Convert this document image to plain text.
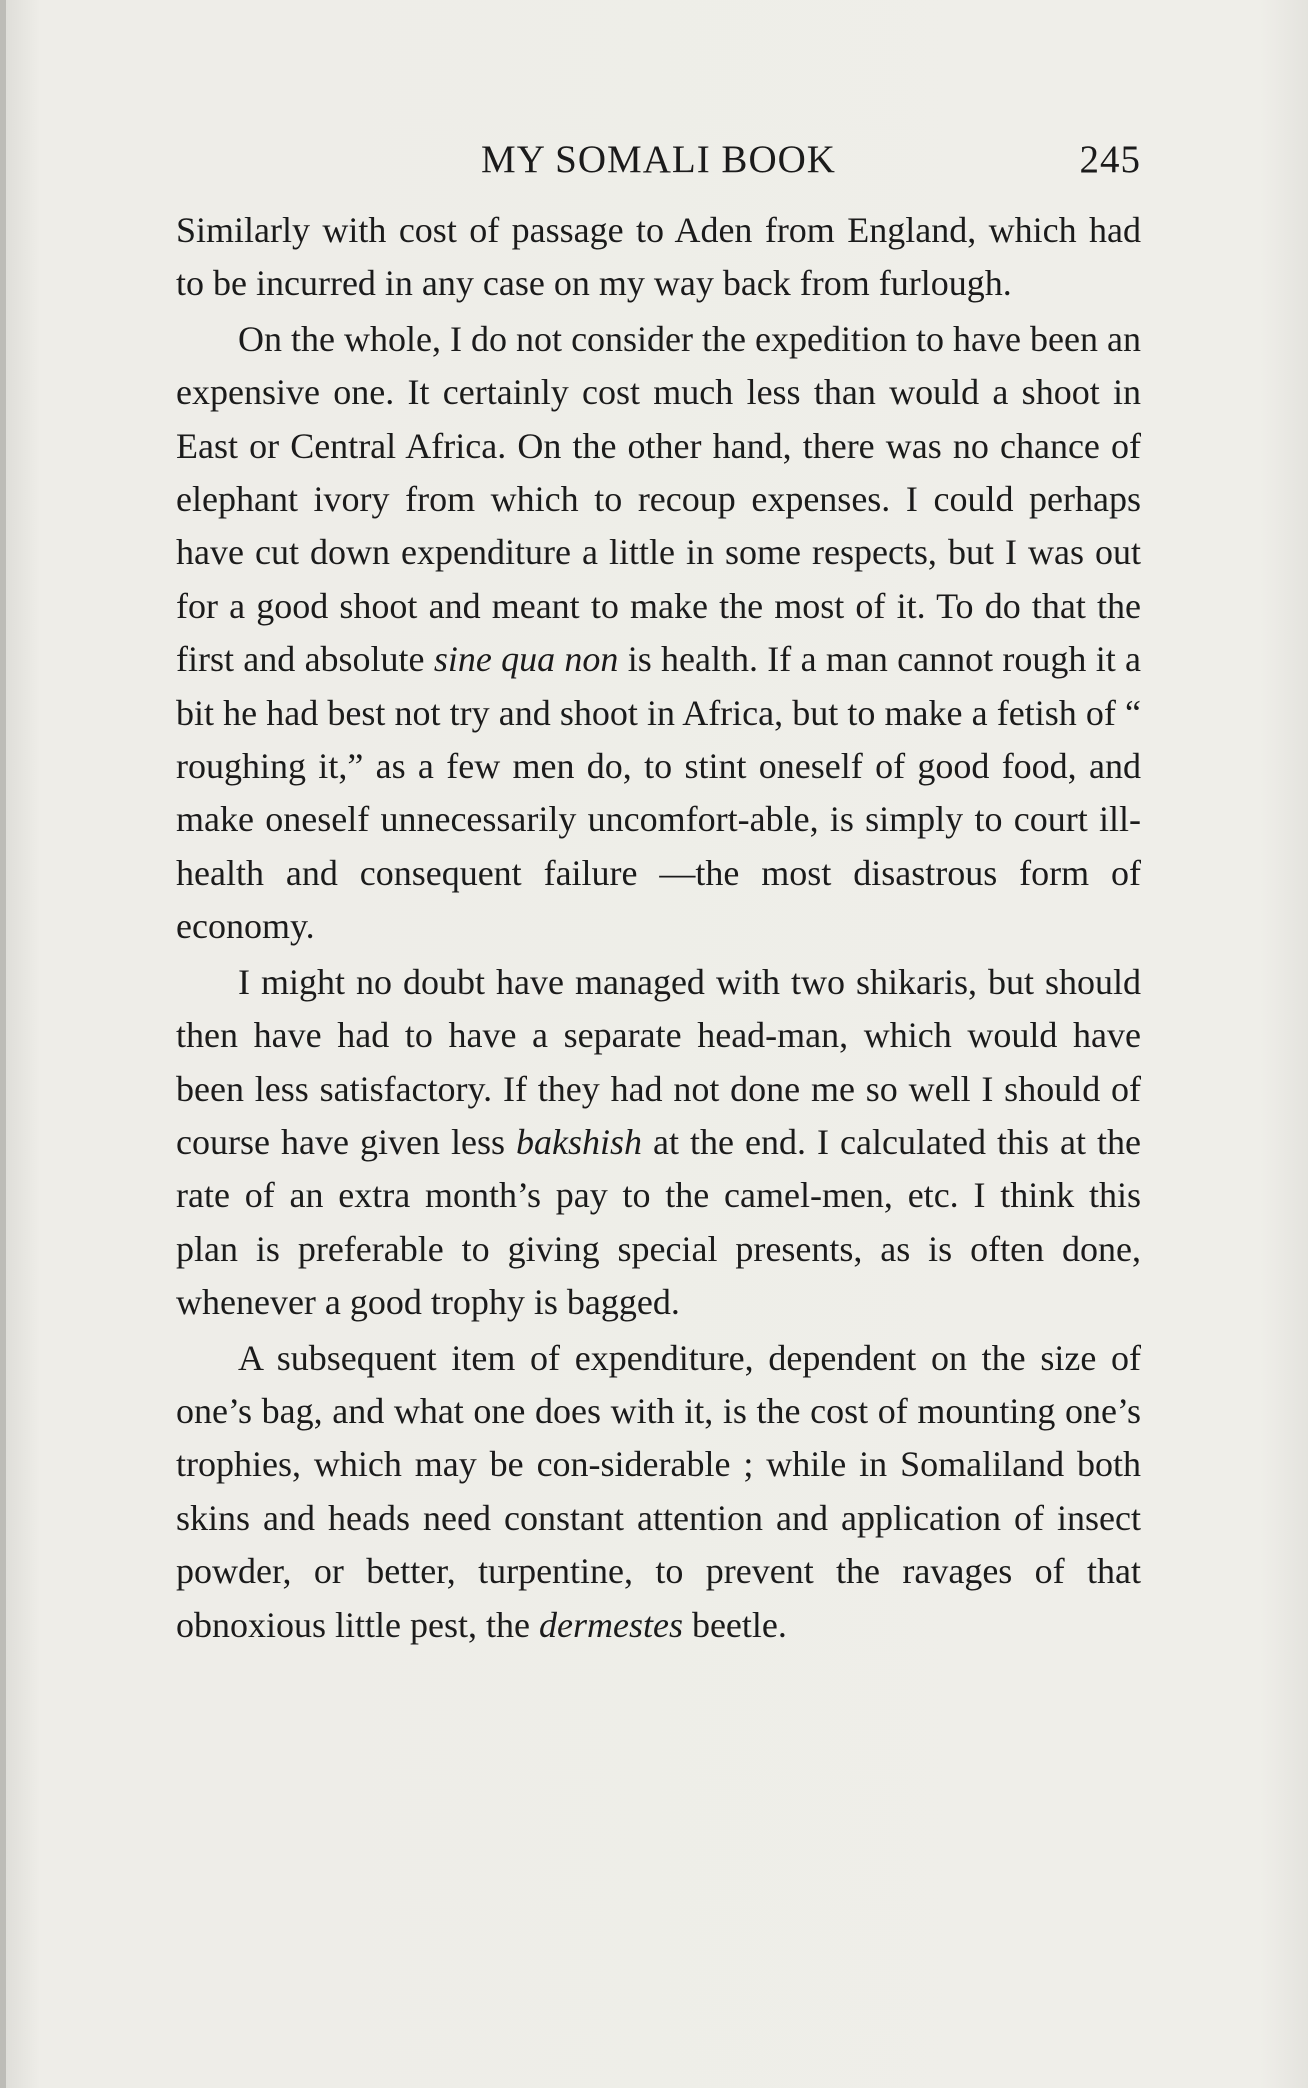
MY SOMALI BOOK	245

Similarly with cost of passage to Aden from England, which had to be incurred in any case on my way back from furlough.

On the whole, I do not consider the expedition to have been an expensive one. It certainly cost much less than would a shoot in East or Central Africa. On the other hand, there was no chance of elephant ivory from which to recoup expenses. I could perhaps have cut down expenditure a little in some respects, but I was out for a good shoot and meant to make the most of it. To do that the first and absolute sine qua non is health. If a man cannot rough it a bit he had best not try and shoot in Africa, but to make a fetish of “ roughing it,” as a few men do, to stint oneself of good food, and make oneself unnecessarily uncomfort-able, is simply to court ill-health and consequent failure —the most disastrous form of economy.

I might no doubt have managed with two shikaris, but should then have had to have a separate head-man, which would have been less satisfactory. If they had not done me so well I should of course have given less bakshish at the end. I calculated this at the rate of an extra month’s pay to the camel-men, etc. I think this plan is preferable to giving special presents, as is often done, whenever a good trophy is bagged.

A subsequent item of expenditure, dependent on the size of one’s bag, and what one does with it, is the cost of mounting one’s trophies, which may be con-siderable ; while in Somaliland both skins and heads need constant attention and application of insect powder, or better, turpentine, to prevent the ravages of that obnoxious little pest, the dermestes beetle.
